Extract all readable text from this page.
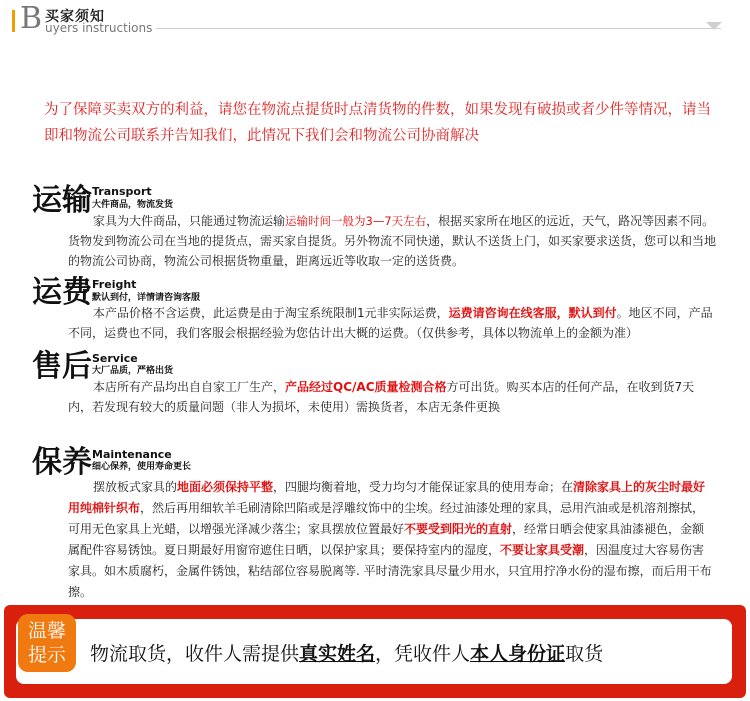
B 买家须知
uyers instructions
为了保障买卖双方的利益，请您在物流点提货时点清货物的件数，如果发现有破损或者少件等情况，请当即和物流公司联系并告知我们，此情况下我们会和物流公司协商解决
运输 Transport
大件商品，物流发货
家具为大件商品，只能通过物流运输运输时间一般为3—7天左右，根据买家所在地区的远近，天气，路况等因素不同。货物发到物流公司在当地的提货点，需买家自提货。另外物流不同快递，默认不送货上门，如买家要求送货，您可以和当地的物流公司协商，物流公司根据货物重量，距离远近等收取一定的送货费。
运费 Freight
默认到付，详情请咨询客服
本产品价格不含运费，此运费是由于淘宝系统限制1元非实际运费，运费请咨询在线客服，默认到付。地区不同，产品不同，运费也不同，我们客服会根据经验为您估计出大概的运费。（仅供参考，具体以物流单上的金额为准）
售后 Service
大厂品质，严格出货
本店所有产品均出自自家工厂生产，产品经过QC/AC质量检测合格方可出货。购买本店的任何产品，在收到货7天内，若发现有较大的质量问题（非人为损坏，未使用）需换货者，本店无条件更换
保养 Maintenance
细心保养，使用寿命更长
摆放板式家具的地面必须保持平整，四腿均衡着地，受力均匀才能保证家具的使用寿命；在清除家具上的灰尘时最好用纯棉针织布，然后再用细软羊毛刷清除凹陷或是浮雕纹饰中的尘埃。经过油漆处理的家具，忌用汽油或是机溶剂擦拭，可用无色家具上光蜡，以增强光泽减少落尘；家具摆放位置最好不要受到阳光的直射，经常日晒会使家具油漆褪色，金额属配件容易锈蚀。夏日期最好用窗帘遮住日晒，以保护家具；要保持室内的湿度，不要让家具受潮，因温度过大容易伤害家具。如木质腐朽，金属件锈蚀，粘结部位容易脱离等. 平时清洗家具尽量少用水，只宜用拧净水份的湿布擦，而后用干布擦。
温馨
提示	物流取货，收件人需提供真实姓名，凭收件人本人身份证取货
